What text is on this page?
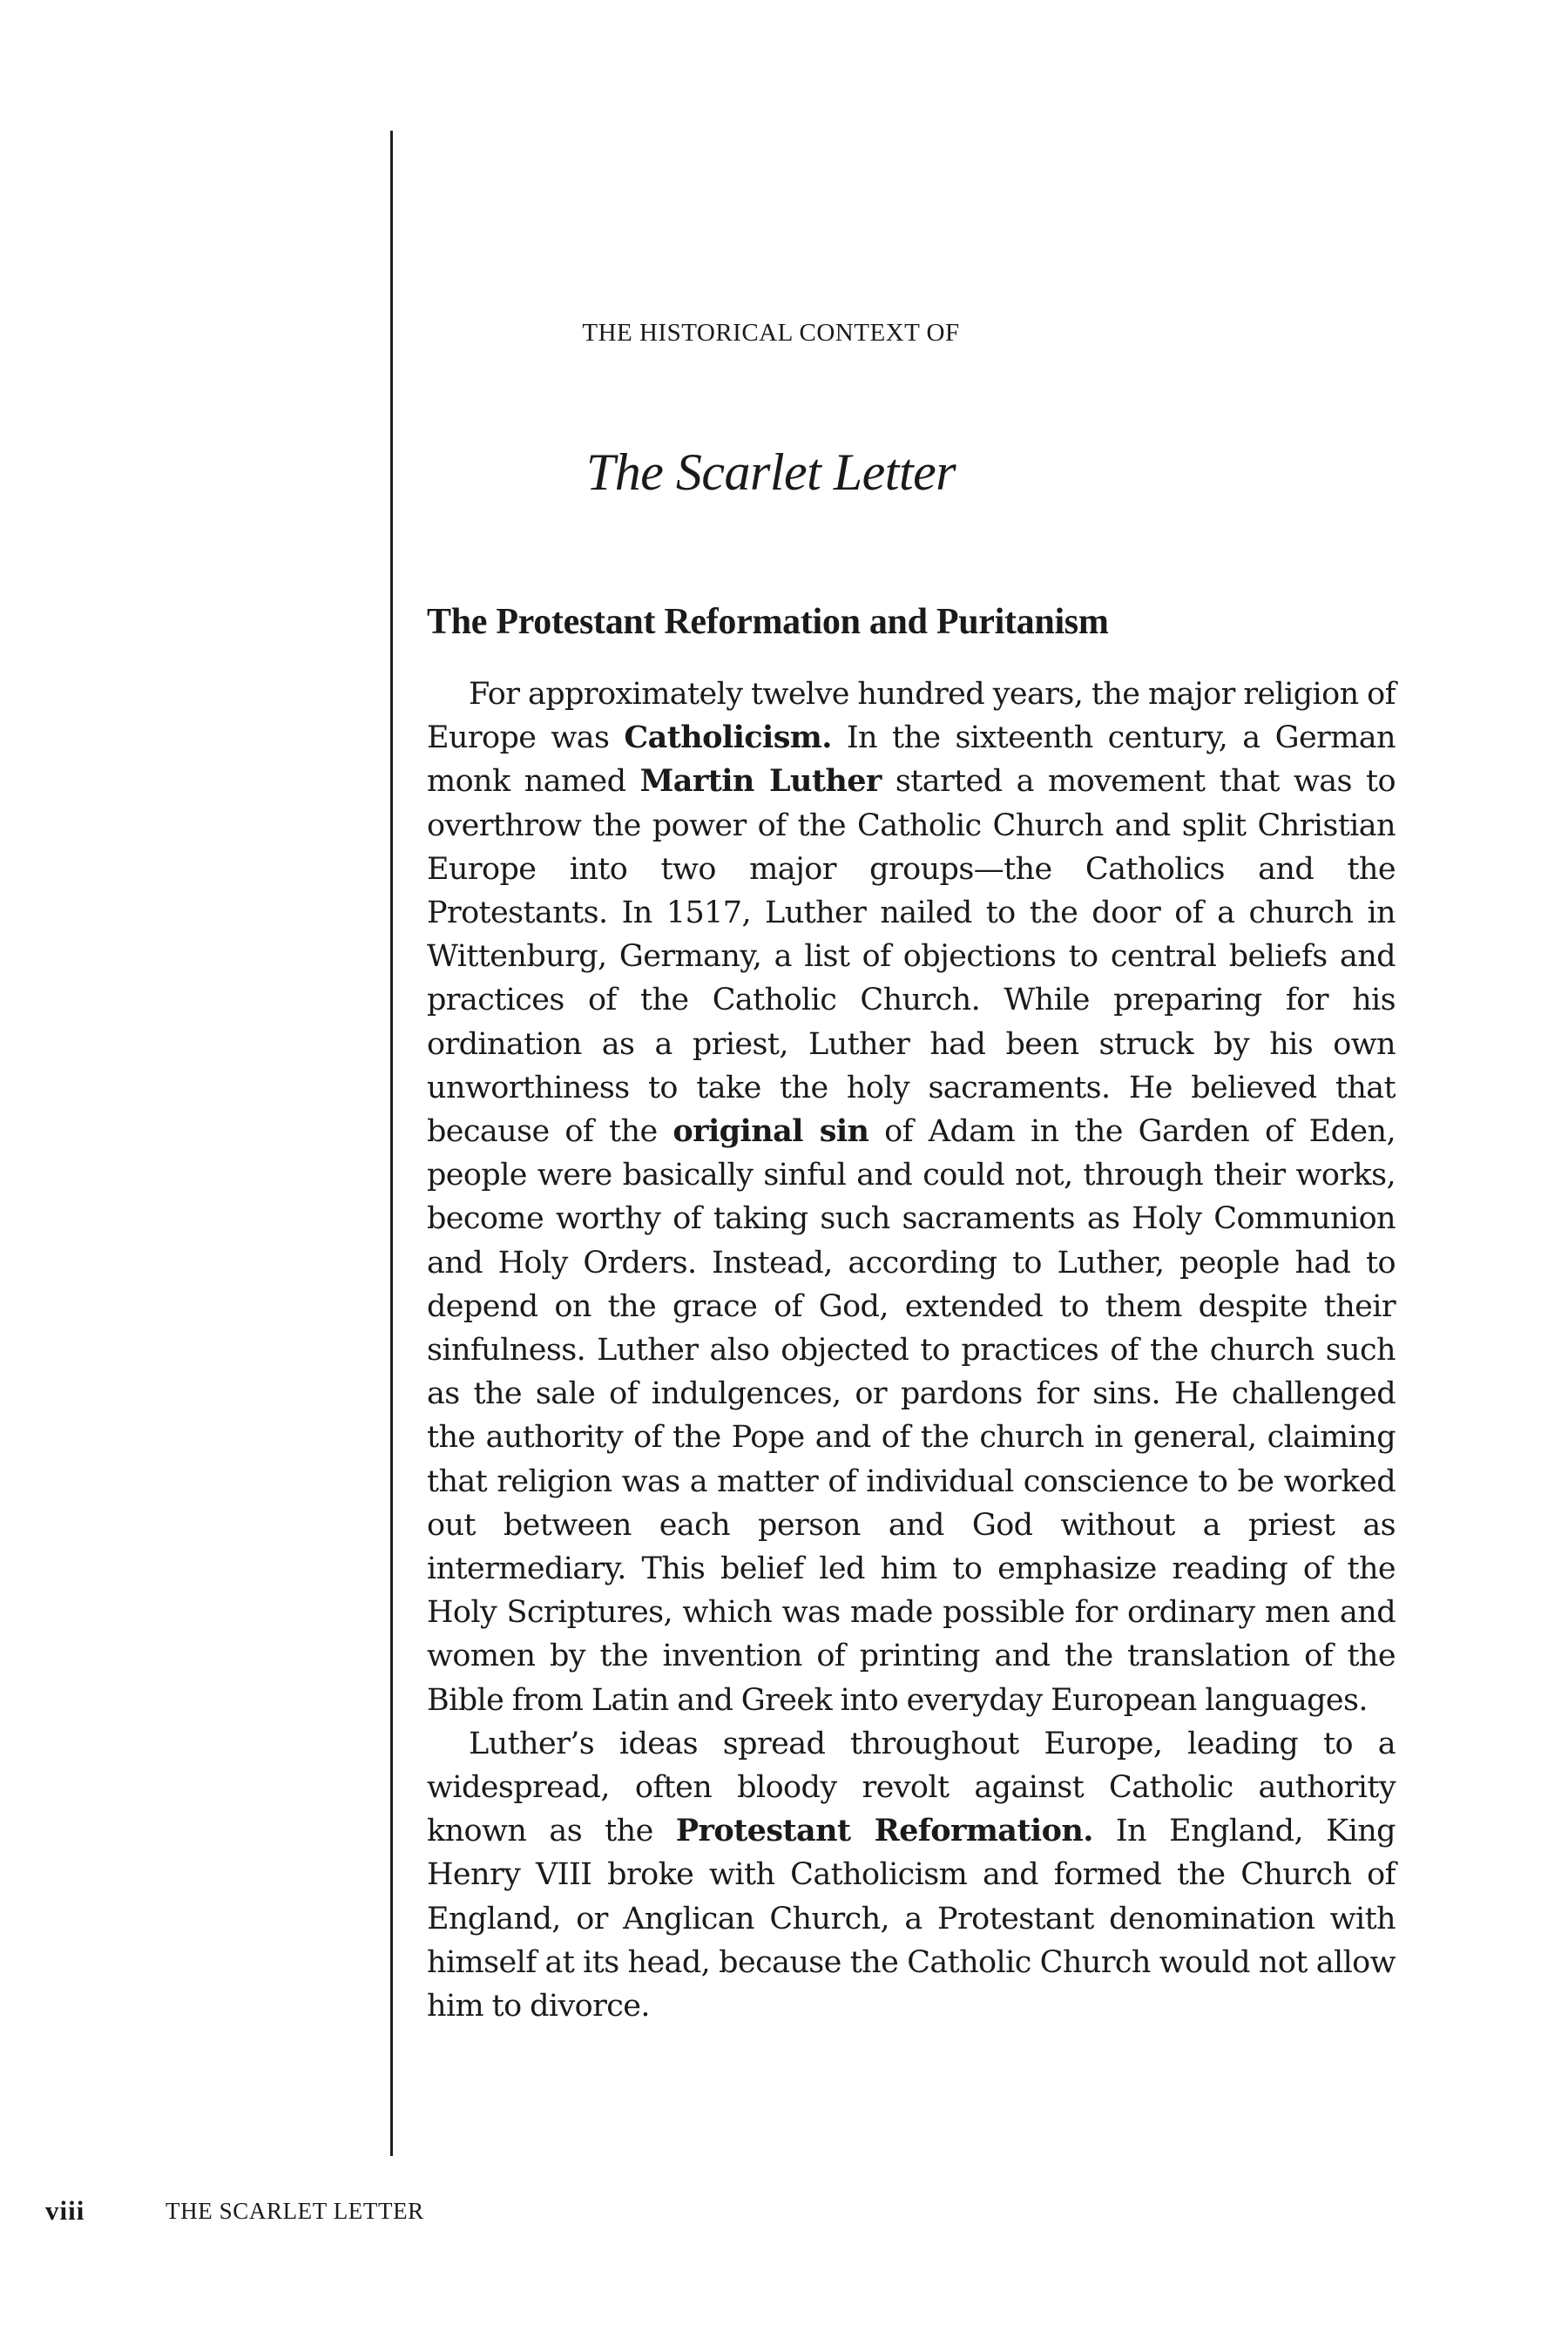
THE HISTORICAL CONTEXT OF
The Scarlet Letter
The Protestant Reformation and Puritanism

For approximately twelve hundred years, the major religion of Europe was Catholicism. In the sixteenth century, a German monk named Martin Luther started a movement that was to overthrow the power of the Catholic Church and split Christian Europe into two major groups—the Catholics and the Protestants. In 1517, Luther nailed to the door of a church in Wittenburg, Germany, a list of objections to central beliefs and practices of the Catholic Church. While preparing for his ordination as a priest, Luther had been struck by his own unworthiness to take the holy sacraments. He believed that because of the original sin of Adam in the Garden of Eden, people were basically sinful and could not, through their works, become worthy of taking such sacraments as Holy Communion and Holy Orders. Instead, according to Luther, people had to depend on the grace of God, extended to them despite their sinfulness. Luther also objected to practices of the church such as the sale of indulgences, or pardons for sins. He challenged the authority of the Pope and of the church in general, claiming that religion was a matter of individual conscience to be worked out between each person and God without a priest as intermediary. This belief led him to emphasize reading of the Holy Scriptures, which was made possible for ordinary men and women by the invention of printing and the translation of the Bible from Latin and Greek into everyday European languages.

Luther’s ideas spread throughout Europe, leading to a widespread, often bloody revolt against Catholic authority known as the Protestant Reformation. In England, King Henry VIII broke with Catholicism and formed the Church of England, or Anglican Church, a Protestant denomination with himself at its head, because the Catholic Church would not allow him to divorce.

viii	THE SCARLET LETTER
